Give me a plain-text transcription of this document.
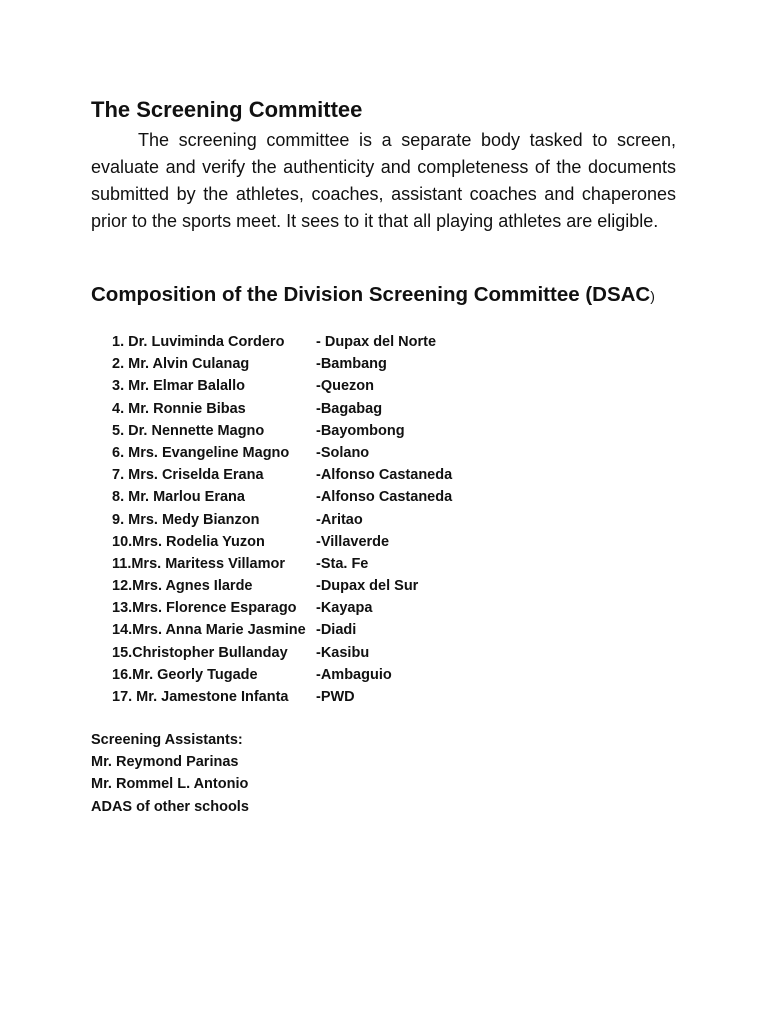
The Screening Committee

The screening committee is a separate body tasked to screen, evaluate and verify the authenticity and completeness of the documents submitted by the athletes, coaches, assistant coaches and chaperones prior to the sports meet. It sees to it that all playing athletes are eligible.

Composition of the Division Screening Committee (DSAC)
1. Dr. Luviminda Cordero - Dupax del Norte
2. Mr. Alvin Culanag	-Bambang
3. Mr. Elmar Balallo	-Quezon
4. Mr. Ronnie Bibas	-Bagabag
5. Dr. Nennette Magno	-Bayombong
6. Mrs. Evangeline Magno -Solano
7. Mrs. Criselda Erana	-Alfonso Castaneda
8. Mr. Marlou Erana	-Alfonso Castaneda
9. Mrs. Medy Bianzon	-Aritao
10.Mrs. Rodelia Yuzon	-Villaverde
11.Mrs. Maritess Villamor -Sta. Fe
12.Mrs. Agnes Ilarde	-Dupax del Sur
13.Mrs. Florence Esparago -Kayapa
14.Mrs. Anna Marie Jasmine -Diadi
15.Christopher Bullanday -Kasibu
16.Mr. Georly Tugade	-Ambaguio
17. Mr. Jamestone Infanta -PWD
Screening Assistants:
Mr. Reymond Parinas
Mr. Rommel L. Antonio
ADAS of other schools
